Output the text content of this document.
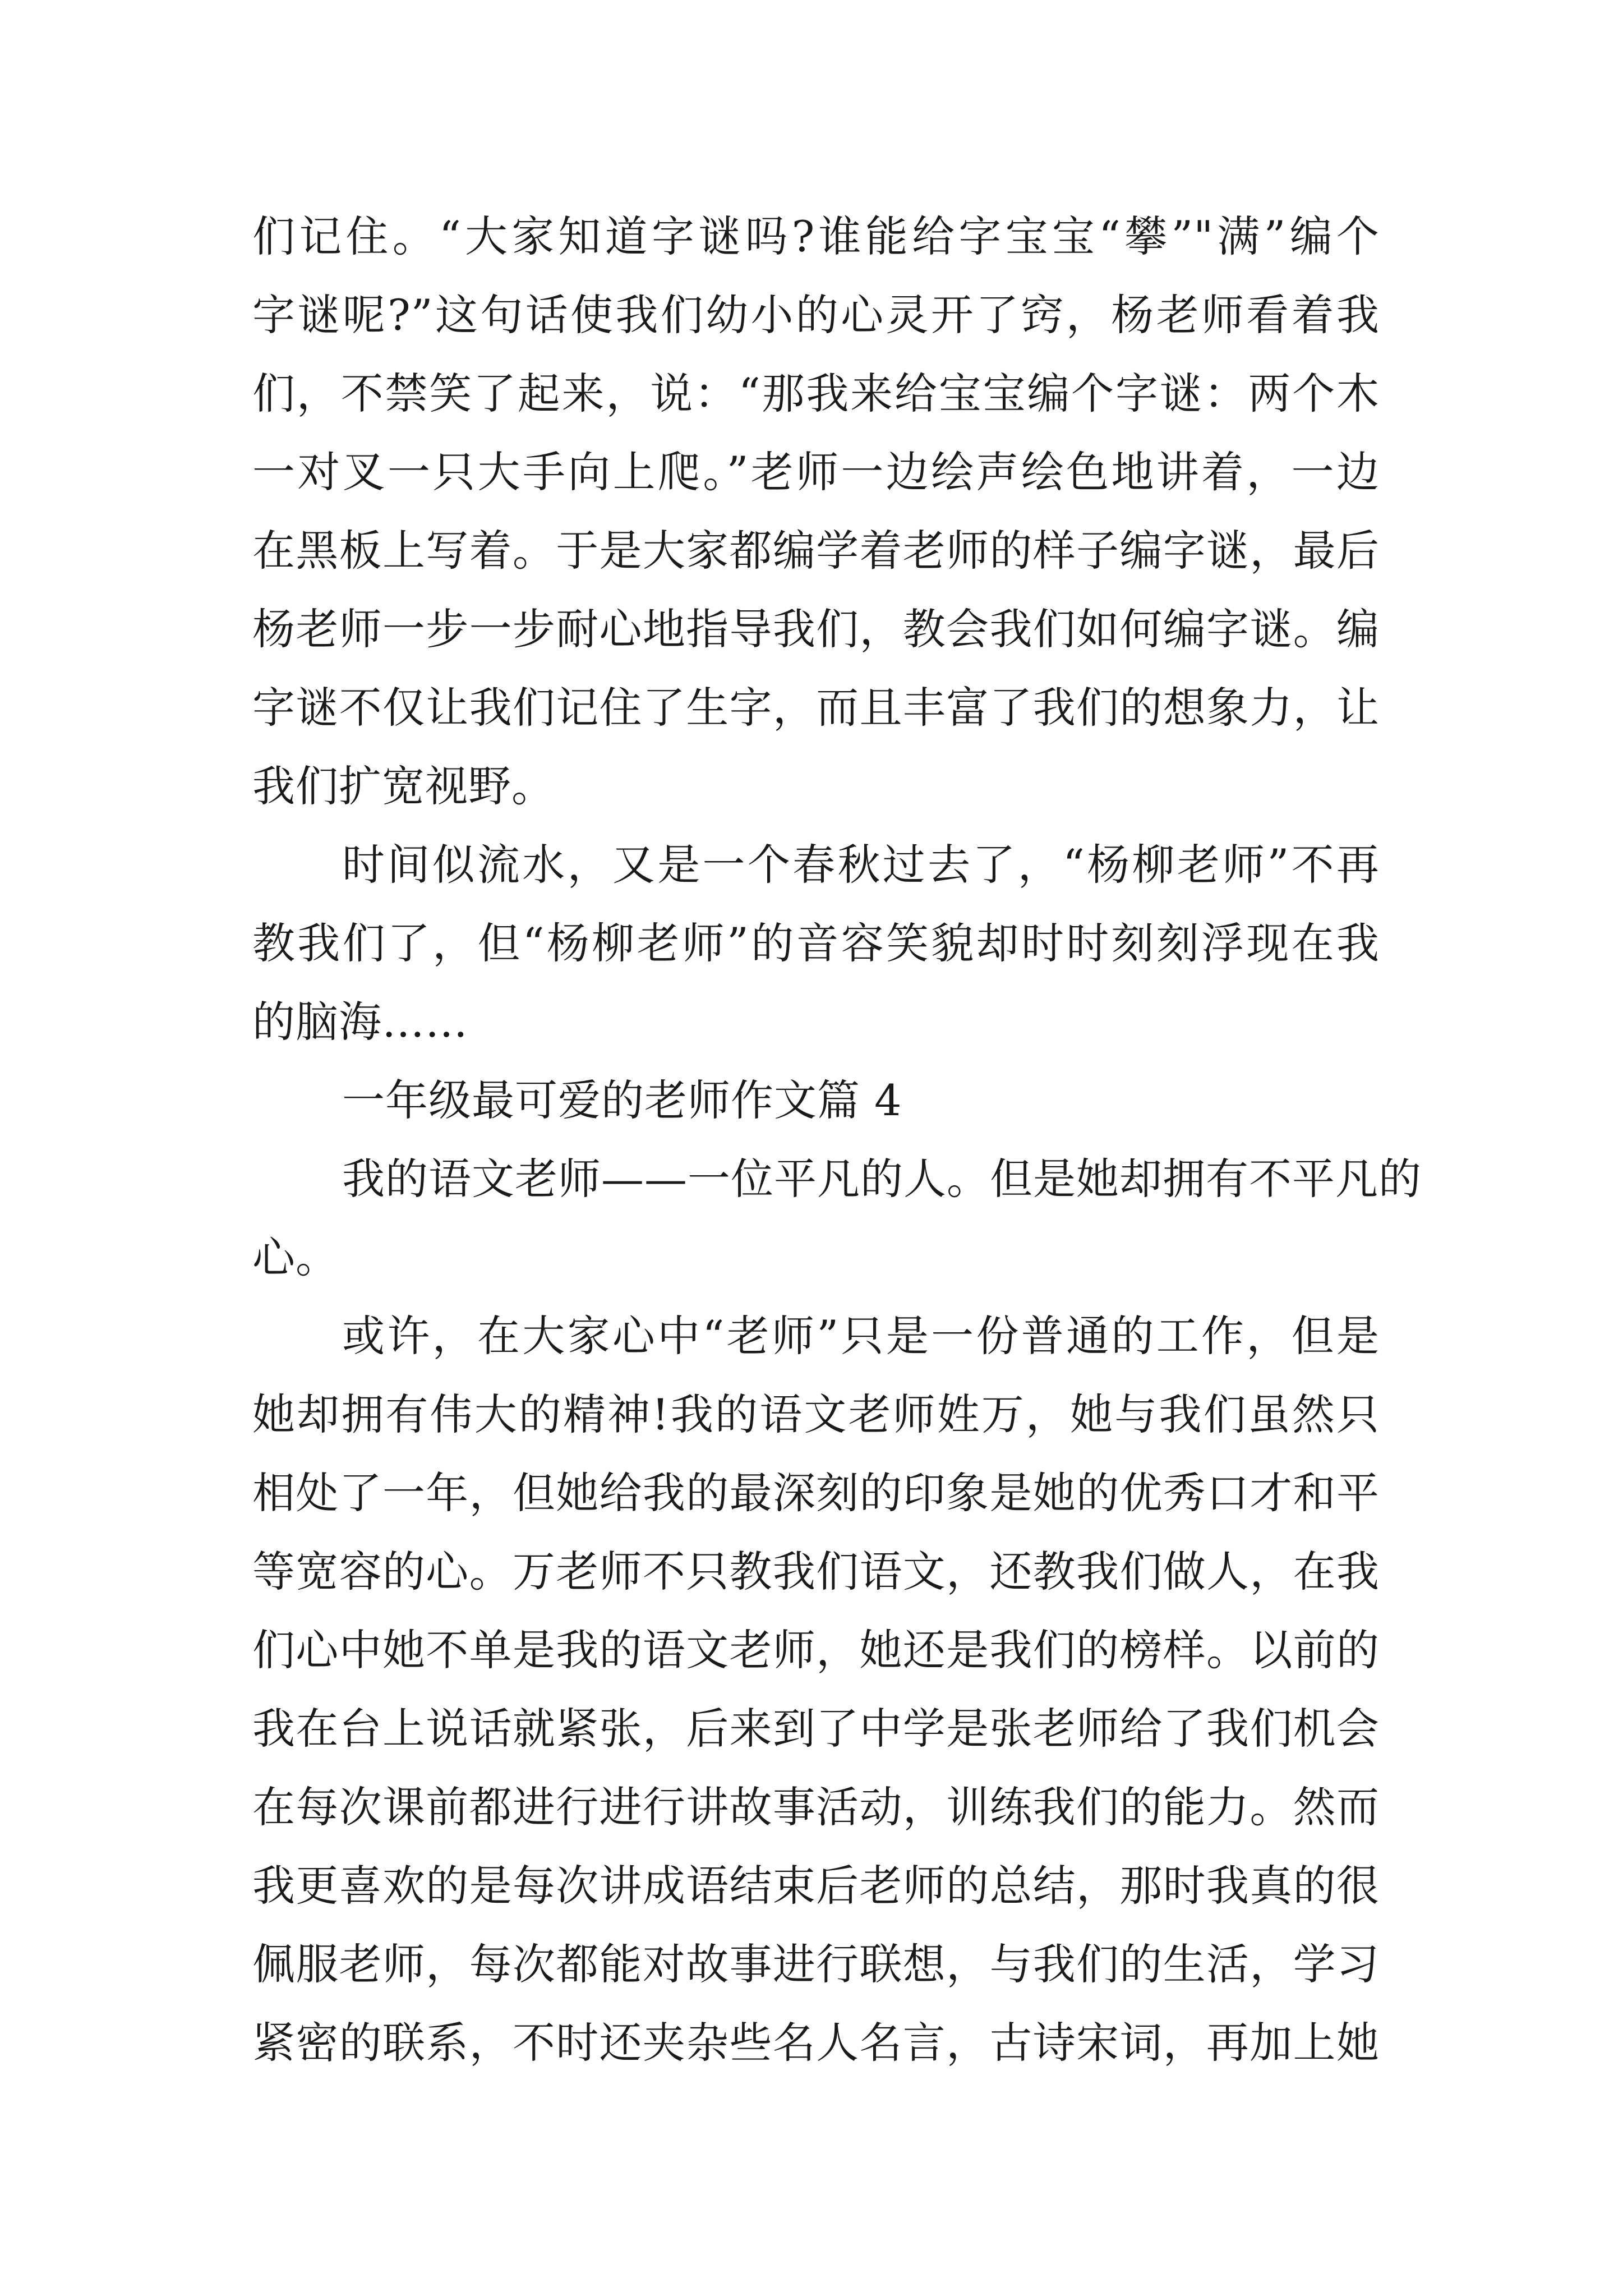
们记住。“大家知道字谜吗?谁能给字宝宝“攀”"满”编个
字谜呢?”这句话使我们幼小的心灵开了窍，杨老师看着我
们，不禁笑了起来，说：“那我来给宝宝编个字谜：两个木
一对叉一只大手向上爬。”老师一边绘声绘色地讲着，一边
在黑板上写着。于是大家都编学着老师的样子编字谜，最后
杨老师一步一步耐心地指导我们，教会我们如何编字谜。编
字谜不仅让我们记住了生字，而且丰富了我们的想象力，让
我们扩宽视野。
时间似流水，又是一个春秋过去了，“杨柳老师”不再
教我们了，但“杨柳老师”的音容笑貌却时时刻刻浮现在我
的脑海……
一年级最可爱的老师作文篇 4
我的语文老师——一位平凡的人。但是她却拥有不平凡的
心。
或许，在大家心中“老师”只是一份普通的工作，但是
她却拥有伟大的精神!我的语文老师姓万，她与我们虽然只
相处了一年，但她给我的最深刻的印象是她的优秀口才和平
等宽容的心。万老师不只教我们语文，还教我们做人，在我
们心中她不单是我的语文老师，她还是我们的榜样。以前的
我在台上说话就紧张，后来到了中学是张老师给了我们机会
在每次课前都进行进行讲故事活动，训练我们的能力。然而
我更喜欢的是每次讲成语结束后老师的总结，那时我真的很
佩服老师，每次都能对故事进行联想，与我们的生活，学习
紧密的联系，不时还夹杂些名人名言，古诗宋词，再加上她
